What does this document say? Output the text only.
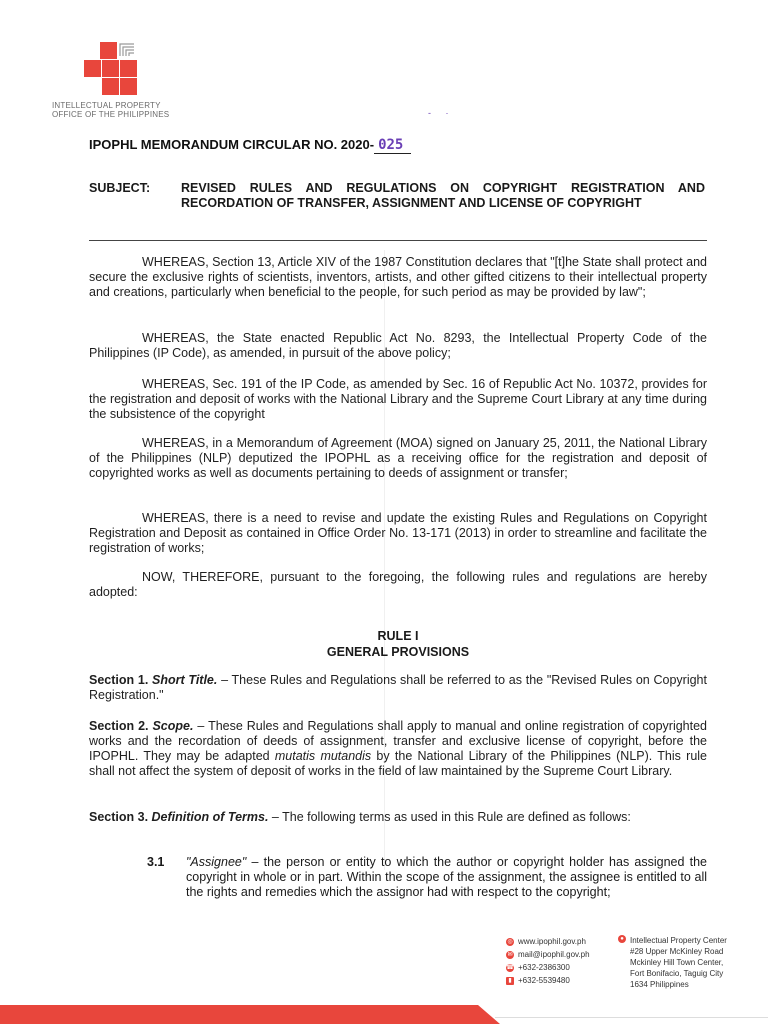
INTELLECTUAL PROPERTY
OFFICE OF THE PHILIPPINES	- ·
IPOPHL MEMORANDUM CIRCULAR NO. 2020- 025
SUBJECT: REVISED RULES AND REGULATIONS ON COPYRIGHT REGISTRATION AND RECORDATION OF TRANSFER, ASSIGNMENT AND LICENSE OF COPYRIGHT
WHEREAS, Section 13, Article XIV of the 1987 Constitution declares that "[t]he State shall protect and secure the exclusive rights of scientists, inventors, artists, and other gifted citizens to their intellectual property and creations, particularly when beneficial to the people, for such period as may be provided by law";
WHEREAS, the State enacted Republic Act No. 8293, the Intellectual Property Code of the Philippines (IP Code), as amended, in pursuit of the above policy;
WHEREAS, Sec. 191 of the IP Code, as amended by Sec. 16 of Republic Act No. 10372, provides for the registration and deposit of works with the National Library and the Supreme Court Library at any time during the subsistence of the copyright
WHEREAS, in a Memorandum of Agreement (MOA) signed on January 25, 2011, the National Library of the Philippines (NLP) deputized the IPOPHL as a receiving office for the registration and deposit of copyrighted works as well as documents pertaining to deeds of assignment or transfer;
WHEREAS, there is a need to revise and update the existing Rules and Regulations on Copyright Registration and Deposit as contained in Office Order No. 13-171 (2013) in order to streamline and facilitate the registration of works;
NOW, THEREFORE, pursuant to the foregoing, the following rules and regulations are hereby adopted:
RULE I
GENERAL PROVISIONS
Section 1. Short Title. – These Rules and Regulations shall be referred to as the "Revised Rules on Copyright Registration."
Section 2. Scope. – These Rules and Regulations shall apply to manual and online registration of copyrighted works and the recordation of deeds of assignment, transfer and exclusive license of copyright, before the IPOPHL. They may be adapted mutatis mutandis by the National Library of the Philippines (NLP). This rule shall not affect the system of deposit of works in the field of law maintained by the Supreme Court Library.
Section 3. Definition of Terms. – The following terms as used in this Rule are defined as follows:
3.1 "Assignee" – the person or entity to which the author or copyright holder has assigned the copyright in whole or in part. Within the scope of the assignment, the assignee is entitled to all the rights and remedies which the assignor had with respect to the copyright;
◎ www.ipophil.gov.ph
✉ mail@ipophil.gov.ph
☎ +632-2386300
▮ +632-5539480
● Intellectual Property Center
#28 Upper McKinley Road
Mckinley Hill Town Center,
Fort Bonifacio, Taguig City
1634 Philippines
